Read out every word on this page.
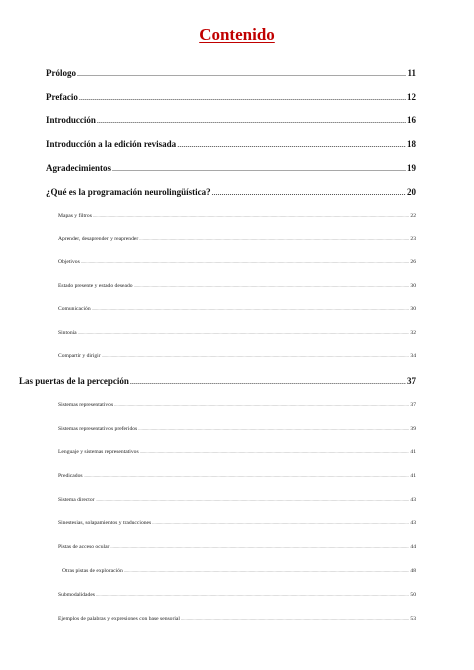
Contenido
Prólogo .....	11
Prefacio .....	12
Introducción .....	16
Introducción a la edición revisada .....	18
Agradecimientos .....	19
¿Qué es la programación neurolingüística? .....	20
Mapas y filtros .....	22
Aprender, desaprender y reaprender .....	23
Objetivos .....	26
Estado presente y estado deseado .....	30
Comunicación .....	30
Sintonía .....	32
Compartir y dirigir .....	34
Las puertas de la percepción .....	37
Sistemas representativos .....	37
Sistemas representativos preferidos .....	39
Lenguaje y sistemas representativos .....	41
Predicados .....	41
Sistema director .....	43
Sinestesias, solapamientos y traducciones .....	43
Pistas de acceso ocular .....	44
Otras pistas de exploración .....	48
Submodalidades .....	50
Ejemplos de palabras y expresiones con base sensorial .....	53
